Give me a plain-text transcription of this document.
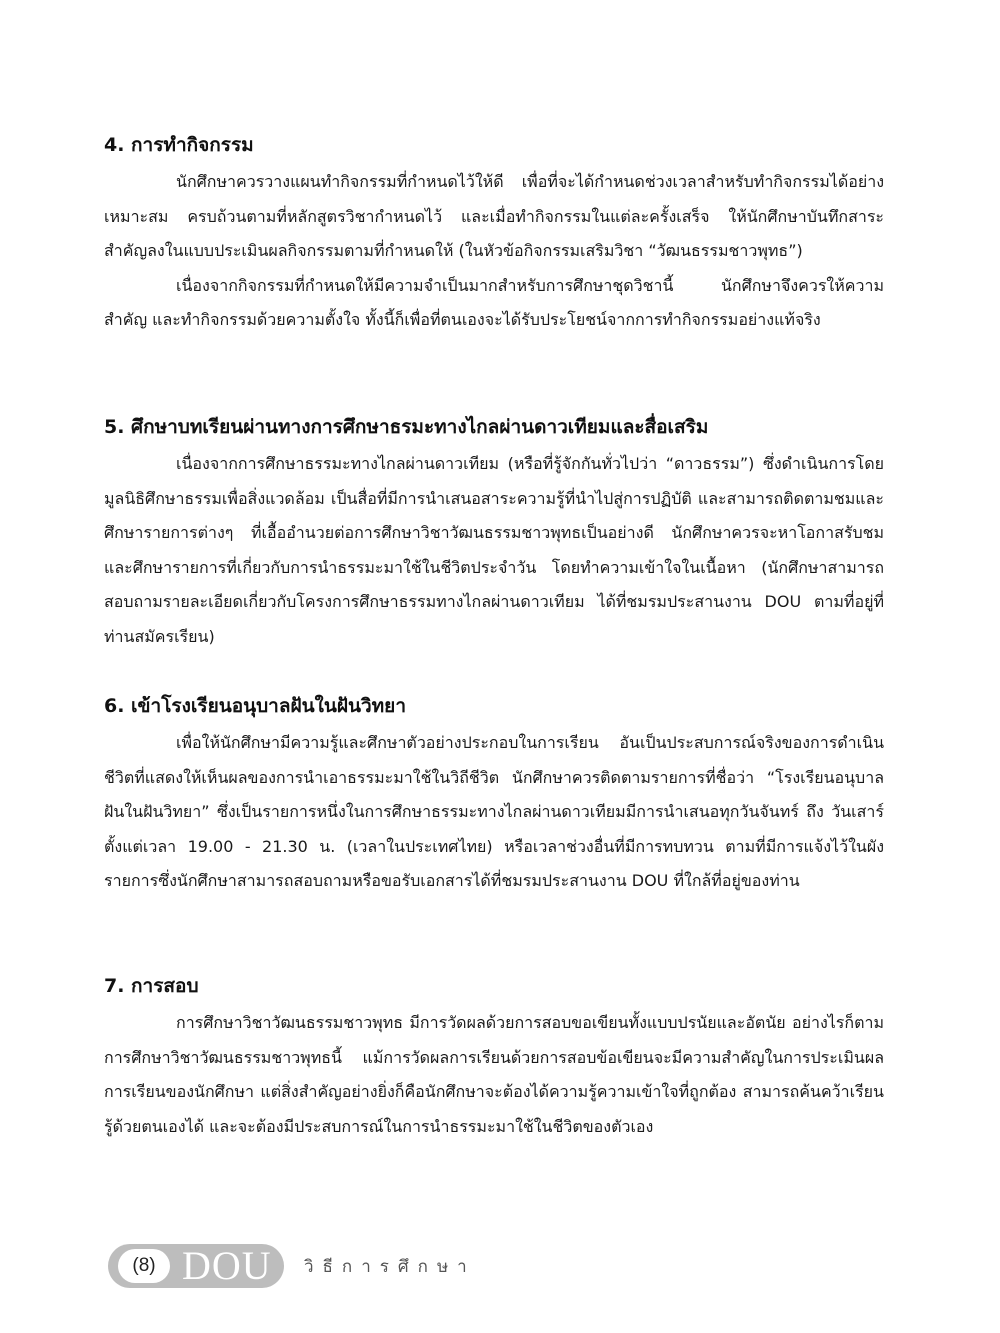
4. การทำกิจกรรม

นักศึกษาควรวางแผนทำกิจกรรมที่กำหนดไว้ให้ดี เพื่อที่จะได้กำหนดช่วงเวลาสำหรับทำกิจกรรมได้อย่างเหมาะสม ครบถ้วนตามที่หลักสูตรวิชากำหนดไว้ และเมื่อทำกิจกรรมในแต่ละครั้งเสร็จ ให้นักศึกษาบันทึกสาระสำคัญลงในแบบประเมินผลกิจกรรมตามที่กำหนดให้ (ในหัวข้อกิจกรรมเสริมวิชา “วัฒนธรรมชาวพุทธ”)

เนื่องจากกิจกรรมที่กำหนดให้มีความจำเป็นมากสำหรับการศึกษาชุดวิชานี้ นักศึกษาจึงควรให้ความสำคัญ และทำกิจกรรมด้วยความตั้งใจ ทั้งนี้ก็เพื่อที่ตนเองจะได้รับประโยชน์จากการทำกิจกรรมอย่างแท้จริง

5. ศึกษาบทเรียนผ่านทางการศึกษาธรมะทางไกลผ่านดาวเทียมและสื่อเสริม

เนื่องจากการศึกษาธรรมะทางไกลผ่านดาวเทียม (หรือที่รู้จักกันทั่วไปว่า “ดาวธรรม”) ซึ่งดำเนินการโดยมูลนิธิศึกษาธรรมเพื่อสิ่งแวดล้อม เป็นสื่อที่มีการนำเสนอสาระความรู้ที่นำไปสู่การปฏิบัติ และสามารถติดตามชมและศึกษารายการต่างๆ ที่เอื้ออำนวยต่อการศึกษาวิชาวัฒนธรรมชาวพุทธเป็นอย่างดี นักศึกษาควรจะหาโอกาสรับชมและศึกษารายการที่เกี่ยวกับการนำธรรมะมาใช้ในชีวิตประจำวัน โดยทำความเข้าใจในเนื้อหา (นักศึกษาสามารถสอบถามรายละเอียดเกี่ยวกับโครงการศึกษาธรรมทางไกลผ่านดาวเทียม ได้ที่ชมรมประสานงาน DOU ตามที่อยู่ที่ท่านสมัครเรียน)

6. เข้าโรงเรียนอนุบาลฝันในฝันวิทยา

เพื่อให้นักศึกษามีความรู้และศึกษาตัวอย่างประกอบในการเรียน อันเป็นประสบการณ์จริงของการดำเนินชีวิตที่แสดงให้เห็นผลของการนำเอาธรรมะมาใช้ในวิถีชีวิต นักศึกษาควรติดตามรายการที่ชื่อว่า “โรงเรียนอนุบาลฝันในฝันวิทยา” ซึ่งเป็นรายการหนึ่งในการศึกษาธรรมะทางไกลผ่านดาวเทียมมีการนำเสนอทุกวันจันทร์ ถึง วันเสาร์ ตั้งแต่เวลา 19.00 - 21.30 น. (เวลาในประเทศไทย) หรือเวลาช่วงอื่นที่มีการทบทวน ตามที่มีการแจ้งไว้ในผังรายการซึ่งนักศึกษาสามารถสอบถามหรือขอรับเอกสารได้ที่ชมรมประสานงาน DOU ที่ใกล้ที่อยู่ของท่าน

7. การสอบ

การศึกษาวิชาวัฒนธรรมชาวพุทธ มีการวัดผลด้วยการสอบขอเขียนทั้งแบบปรนัยและอัตนัย อย่างไรก็ตาม การศึกษาวิชาวัฒนธรรมชาวพุทธนี้ แม้การวัดผลการเรียนด้วยการสอบข้อเขียนจะมีความสำคัญในการประเมินผลการเรียนของนักศึกษา แต่สิ่งสำคัญอย่างยิ่งก็คือนักศึกษาจะต้องได้ความรู้ความเข้าใจที่ถูกต้อง สามารถค้นคว้าเรียนรู้ด้วยตนเองได้ และจะต้องมีประสบการณ์ในการนำธรรมะมาใช้ในชีวิตของตัวเอง

(8) DOU วิธีการศึกษา
